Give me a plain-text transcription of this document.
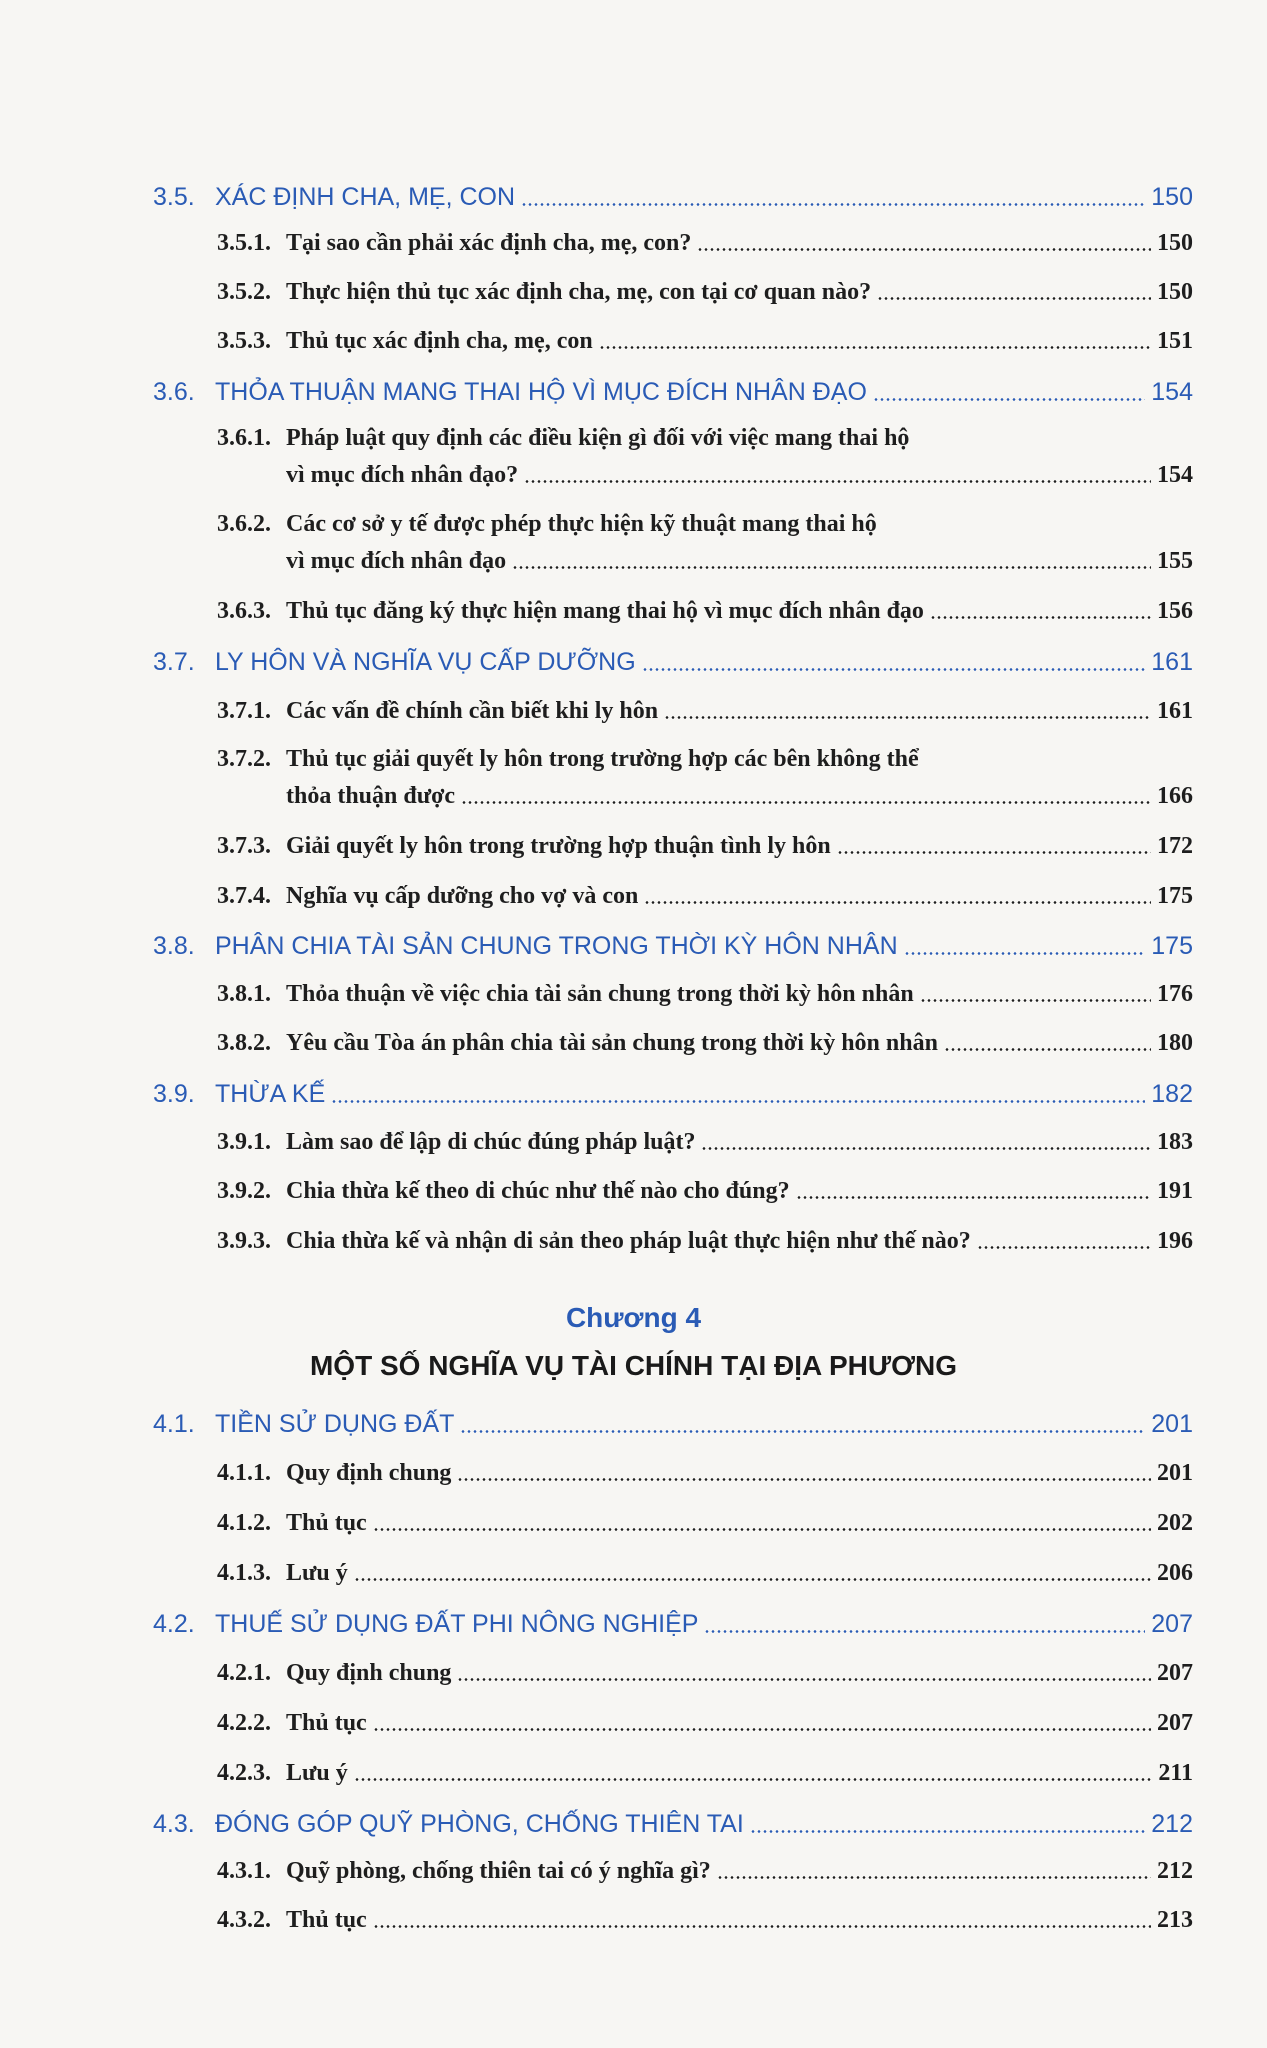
3.5. XÁC ĐỊNH CHA, MẸ, CON	150
3.5.1. Tại sao cần phải xác định cha, mẹ, con?	150
3.5.2. Thực hiện thủ tục xác định cha, mẹ, con tại cơ quan nào?	150
3.5.3. Thủ tục xác định cha, mẹ, con	151
3.6. THỎA THUẬN MANG THAI HỘ VÌ MỤC ĐÍCH NHÂN ĐẠO	154
3.6.1. Pháp luật quy định các điều kiện gì đối với việc mang thai hộ
vì mục đích nhân đạo?	154
3.6.2. Các cơ sở y tế được phép thực hiện kỹ thuật mang thai hộ
vì mục đích nhân đạo	155
3.6.3. Thủ tục đăng ký thực hiện mang thai hộ vì mục đích nhân đạo	156
3.7. LY HÔN VÀ NGHĨA VỤ CẤP DƯỠNG	161
3.7.1. Các vấn đề chính cần biết khi ly hôn	161
3.7.2. Thủ tục giải quyết ly hôn trong trường hợp các bên không thể
thỏa thuận được	166
3.7.3. Giải quyết ly hôn trong trường hợp thuận tình ly hôn	172
3.7.4. Nghĩa vụ cấp dưỡng cho vợ và con	175
3.8. PHÂN CHIA TÀI SẢN CHUNG TRONG THỜI KỲ HÔN NHÂN	175
3.8.1. Thỏa thuận về việc chia tài sản chung trong thời kỳ hôn nhân	176
3.8.2. Yêu cầu Tòa án phân chia tài sản chung trong thời kỳ hôn nhân	180
3.9. THỪA KẾ	182
3.9.1. Làm sao để lập di chúc đúng pháp luật?	183
3.9.2. Chia thừa kế theo di chúc như thế nào cho đúng?	191
3.9.3. Chia thừa kế và nhận di sản theo pháp luật thực hiện như thế nào?	196
Chương 4
MỘT SỐ NGHĨA VỤ TÀI CHÍNH TẠI ĐỊA PHƯƠNG
4.1. TIỀN SỬ DỤNG ĐẤT	201
4.1.1. Quy định chung	201
4.1.2. Thủ tục	202
4.1.3. Lưu ý	206
4.2. THUẾ SỬ DỤNG ĐẤT PHI NÔNG NGHIỆP	207
4.2.1. Quy định chung	207
4.2.2. Thủ tục	207
4.2.3. Lưu ý	211
4.3. ĐÓNG GÓP QUỸ PHÒNG, CHỐNG THIÊN TAI	212
4.3.1. Quỹ phòng, chống thiên tai có ý nghĩa gì?	212
4.3.2. Thủ tục	213
